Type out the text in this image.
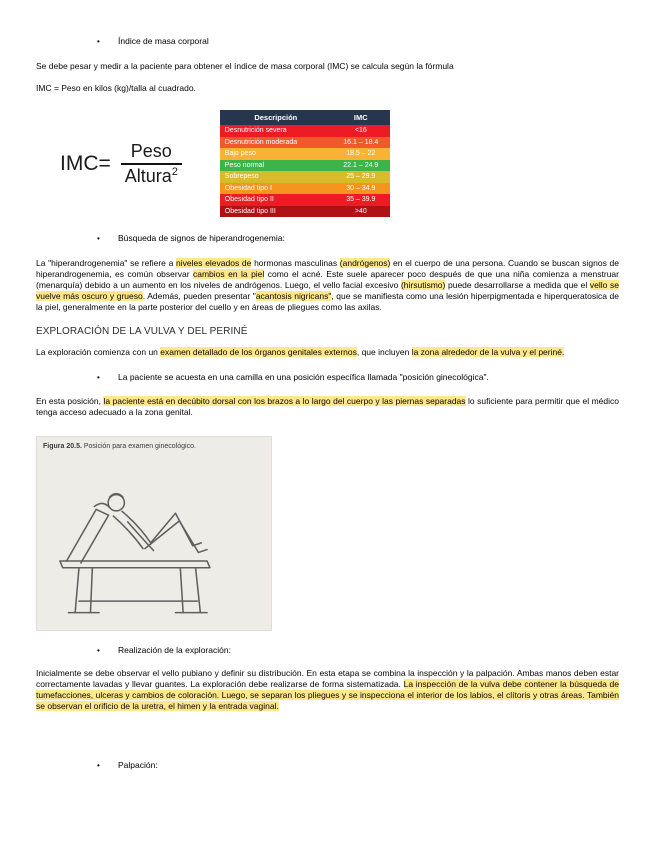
•	Índice de masa corporal

Se debe pesar y medir a la paciente para obtener el índice de masa corporal (IMC) se calcula según la fórmula

IMC = Peso en kilos (kg)/talla al cuadrado.

$IMC= \frac{\text{Peso}}{Altura^2}$
Descripción	IMC
Desnutrición severa	<16
Desnutrición moderada	16.1 – 18.4
Bajo peso	18.5 – 22
Peso normal	22.1 – 24.9
Sobrepeso	25 – 29.9
Obesidad tipo I	30 – 34.9
Obesidad tipo II	35 – 39.9
Obesidad tipo III	>40
•	Búsqueda de signos de hiperandrogenemia:

La "hiperandrogenemia" se refiere a niveles elevados de hormonas masculinas (andrógenos) en el cuerpo de una persona. Cuando se buscan signos de hiperandrogenemia, es común observar cambios en la piel como el acné. Este suele aparecer poco después de que una niña comienza a menstruar (menarquía) debido a un aumento en los niveles de andrógenos. Luego, el vello facial excesivo (hirsutismo) puede desarrollarse a medida que el vello se vuelve más oscuro y grueso. Además, pueden presentar "acantosis nigricans", que se manifiesta como una lesión hiperpigmentada e hiperqueratosica de la piel, generalmente en la parte posterior del cuello y en áreas de pliegues como las axilas.

EXPLORACIÓN DE LA VULVA Y DEL PERINÉ

La exploración comienza con un examen detallado de los órganos genitales externos, que incluyen la zona alrededor de la vulva y el periné.

•	La paciente se acuesta en una camilla en una posición específica llamada "posición ginecológica".

En esta posición, la paciente está en decúbito dorsal con los brazos a lo largo del cuerpo y las piernas separadas lo suficiente para permitir que el médico tenga acceso adecuado a la zona genital.

Figura 20.5. Posición para examen ginecológico.
•	Realización de la exploración:

Inicialmente se debe observar el vello pubiano y definir su distribución. En esta etapa se combina la inspección y la palpación. Ambas manos deben estar correctamente lavadas y llevar guantes. La exploración debe realizarse de forma sistematizada. La inspección de la vulva debe contener la búsqueda de tumefacciones, ulceras y cambios de coloración. Luego, se separan los pliegues y se inspecciona el interior de los labios, el clítoris y otras áreas. También se observan el orificio de la uretra, el himen y la entrada vaginal.

•	Palpación:
